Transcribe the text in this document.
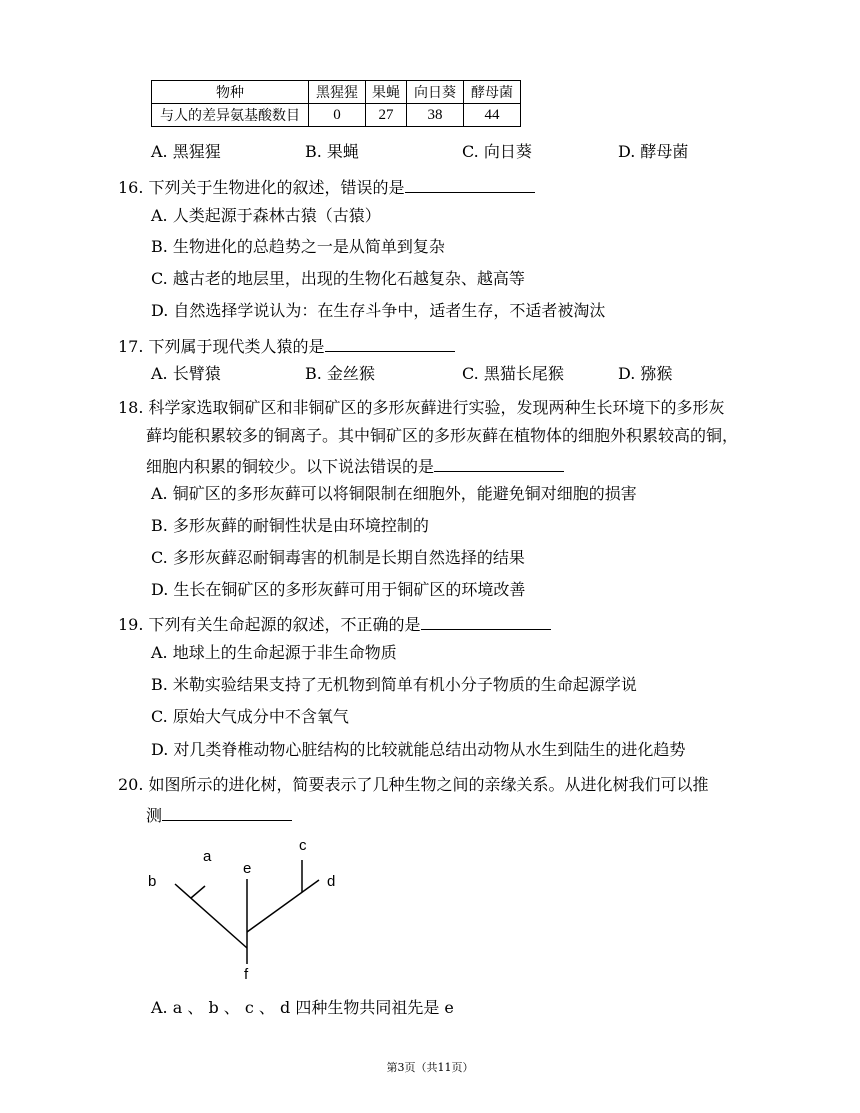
物种	黑猩猩	果蝇	向日葵	酵母菌
与人的差异氨基酸数目	0	27	38	44
A. 黑猩猩	B. 果蝇	C. 向日葵	D. 酵母菌
16. 下列关于生物进化的叙述，错误的是
A. 人类起源于森林古猿（古猿）
B. 生物进化的总趋势之一是从简单到复杂
C. 越古老的地层里，出现的生物化石越复杂、越高等
D. 自然选择学说认为：在生存斗争中，适者生存，不适者被淘汰
17. 下列属于现代类人猿的是
A. 长臂猿	B. 金丝猴	C. 黑猫长尾猴	D. 猕猴
18. 科学家选取铜矿区和非铜矿区的多形灰藓进行实验，发现两种生长环境下的多形灰
藓均能积累较多的铜离子。其中铜矿区的多形灰藓在植物体的细胞外积累较高的铜，
细胞内积累的铜较少。以下说法错误的是
A. 铜矿区的多形灰藓可以将铜限制在细胞外，能避免铜对细胞的损害
B. 多形灰藓的耐铜性状是由环境控制的
C. 多形灰藓忍耐铜毒害的机制是长期自然选择的结果
D. 生长在铜矿区的多形灰藓可用于铜矿区的环境改善
19. 下列有关生命起源的叙述，不正确的是
A. 地球上的生命起源于非生命物质
B. 米勒实验结果支持了无机物到简单有机小分子物质的生命起源学说
C. 原始大气成分中不含氧气
D. 对几类脊椎动物心脏结构的比较就能总结出动物从水生到陆生的进化趋势
20. 如图所示的进化树，简要表示了几种生物之间的亲缘关系。从进化树我们可以推
测
a
b
c
d
e
f
A. a 、 b 、 c 、 d 四种生物共同祖先是 e
第3页（共11页）
